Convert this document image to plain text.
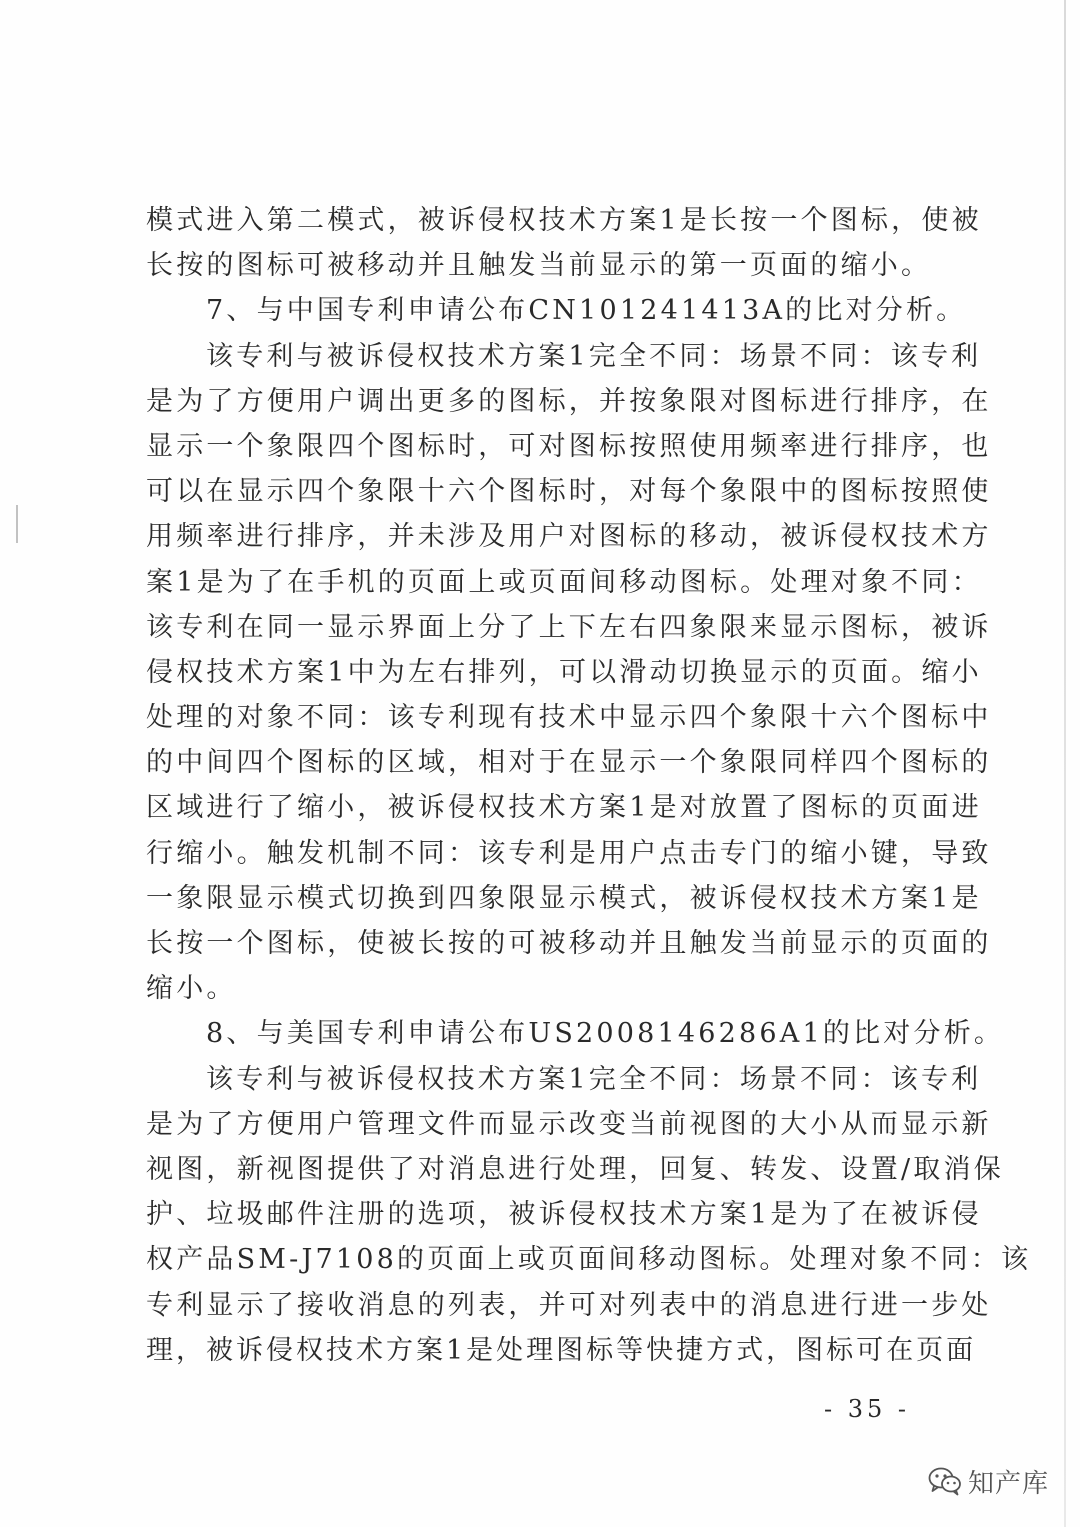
模式进入第二模式，被诉侵权技术方案1是长按一个图标，使被
长按的图标可被移动并且触发当前显示的第一页面的缩小。
7、与中国专利申请公布CN101241413A的比对分析。
该专利与被诉侵权技术方案1完全不同：场景不同：该专利
是为了方便用户调出更多的图标，并按象限对图标进行排序，在
显示一个象限四个图标时，可对图标按照使用频率进行排序，也
可以在显示四个象限十六个图标时，对每个象限中的图标按照使
用频率进行排序，并未涉及用户对图标的移动，被诉侵权技术方
案1是为了在手机的页面上或页面间移动图标。处理对象不同：
该专利在同一显示界面上分了上下左右四象限来显示图标，被诉
侵权技术方案1中为左右排列，可以滑动切换显示的页面。缩小
处理的对象不同：该专利现有技术中显示四个象限十六个图标中
的中间四个图标的区域，相对于在显示一个象限同样四个图标的
区域进行了缩小，被诉侵权技术方案1是对放置了图标的页面进
行缩小。触发机制不同：该专利是用户点击专门的缩小键，导致
一象限显示模式切换到四象限显示模式，被诉侵权技术方案1是
长按一个图标，使被长按的可被移动并且触发当前显示的页面的
缩小。
8、与美国专利申请公布US2008146286A1的比对分析。
该专利与被诉侵权技术方案1完全不同：场景不同：该专利
是为了方便用户管理文件而显示改变当前视图的大小从而显示新
视图，新视图提供了对消息进行处理，回复、转发、设置/取消保
护、垃圾邮件注册的选项，被诉侵权技术方案1是为了在被诉侵
权产品SM-J7108的页面上或页面间移动图标。处理对象不同：该
专利显示了接收消息的列表，并可对列表中的消息进行进一步处
理，被诉侵权技术方案1是处理图标等快捷方式，图标可在页面
- 35 -
知产库
